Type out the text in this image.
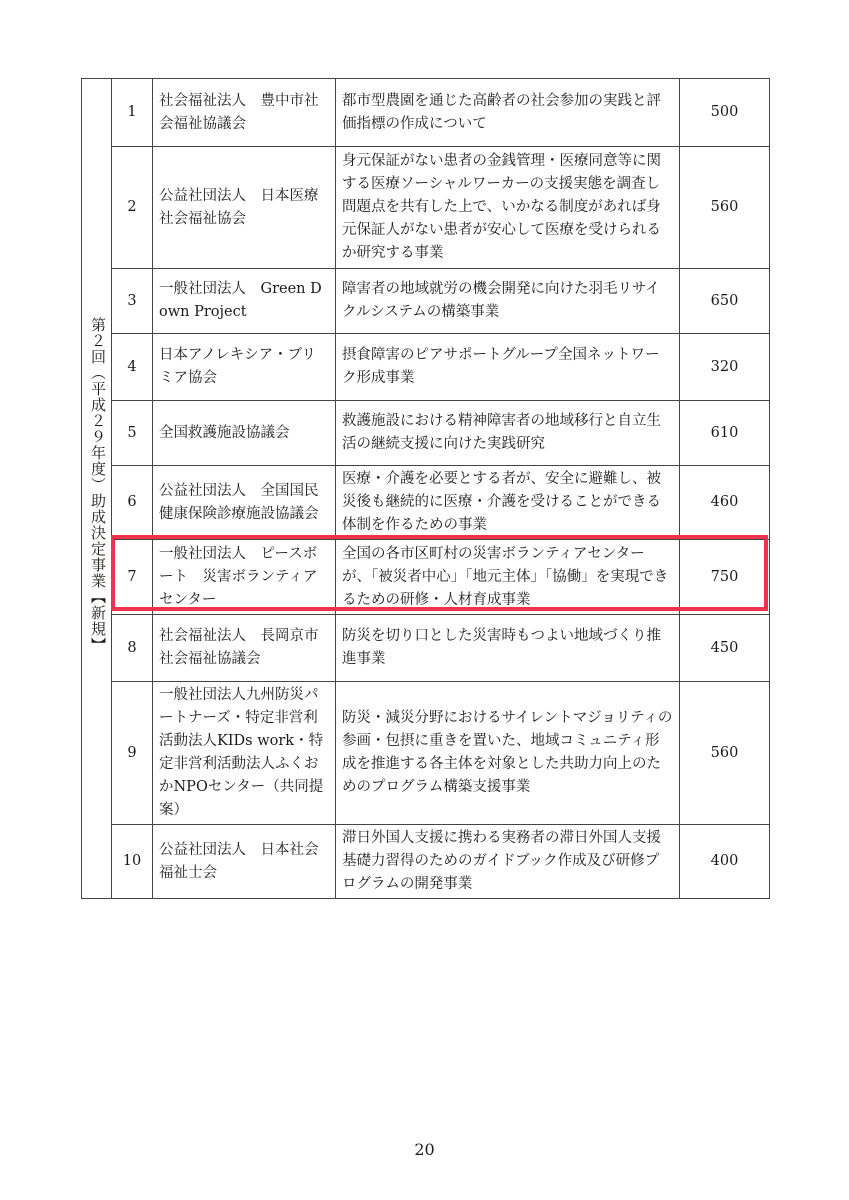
第２回（平成２９年度）助成決定事業【新規】	1	社会福祉法人　豊中市社会福祉協議会	都市型農園を通じた高齢者の社会参加の実践と評価指標の作成について	500
	2	公益社団法人　日本医療社会福祉協会	身元保証がない患者の金銭管理・医療同意等に関する医療ソーシャルワーカーの支援実態を調査し問題点を共有した上で、いかなる制度があれば身元保証人がない患者が安心して医療を受けられるか研究する事業	560
	3	一般社団法人　Green Down Project	障害者の地域就労の機会開発に向けた羽毛リサイクルシステムの構築事業	650
	4	日本アノレキシア・ブリミア協会	摂食障害のピアサポートグループ全国ネットワーク形成事業	320
	5	全国救護施設協議会	救護施設における精神障害者の地域移行と自立生活の継続支援に向けた実践研究	610
	6	公益社団法人　全国国民健康保険診療施設協議会	医療・介護を必要とする者が、安全に避難し、被災後も継続的に医療・介護を受けることができる体制を作るための事業	460
	7	一般社団法人　ピースボート　災害ボランティアセンター	全国の各市区町村の災害ボランティアセンターが、「被災者中心」「地元主体」「協働」を実現できるための研修・人材育成事業	750
	8	社会福祉法人　長岡京市社会福祉協議会	防災を切り口とした災害時もつよい地域づくり推進事業	450
	9	一般社団法人九州防災パートナーズ・特定非営利活動法人KIDs work・特定非営利活動法人ふくおかNPOセンター（共同提案）	防災・減災分野におけるサイレントマジョリティの参画・包摂に重きを置いた、地域コミュニティ形成を推進する各主体を対象とした共助力向上のためのプログラム構築支援事業	560
	10	公益社団法人　日本社会福祉士会	滞日外国人支援に携わる実務者の滞日外国人支援基礎力習得のためのガイドブック作成及び研修プログラムの開発事業	400
20
